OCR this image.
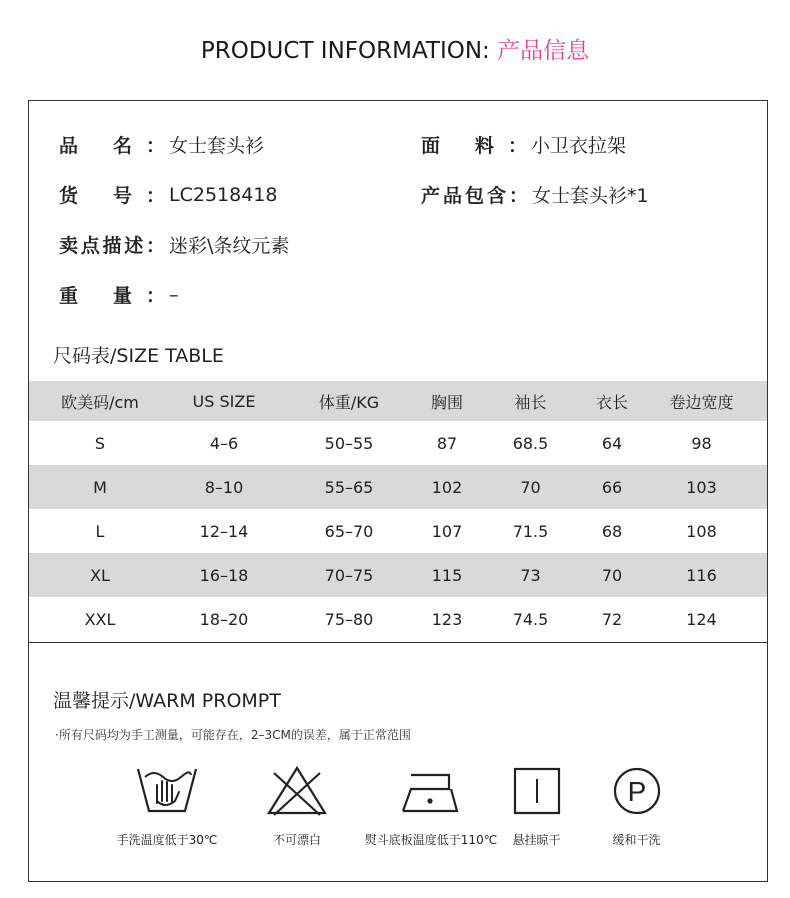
PRODUCT INFORMATION: 产品信息
品 名： 女士套头衫	面 料： 小卫衣拉架
货 号： LC2518418	产品包含： 女士套头衫*1
卖点描述： 迷彩\条纹元素
重 量： –
尺码表/SIZE TABLE
欧美码/cm	US SIZE	体重/KG	胸围	袖长	衣长	卷边宽度
S	4–6	50–55	87	68.5	64	98
M	8–10	55–65	102	70	66	103
L	12–14	65–70	107	71.5	68	108
XL	16–18	70–75	115	73	70	116
XXL	18–20	75–80	123	74.5	72	124
温馨提示/WARM PROMPT
·所有尺码均为手工测量，可能存在，2–3CM的误差，属于正常范围
手洗温度低于30℃	不可漂白	熨斗底板温度低于110℃	悬挂晾干
P
缓和干洗
